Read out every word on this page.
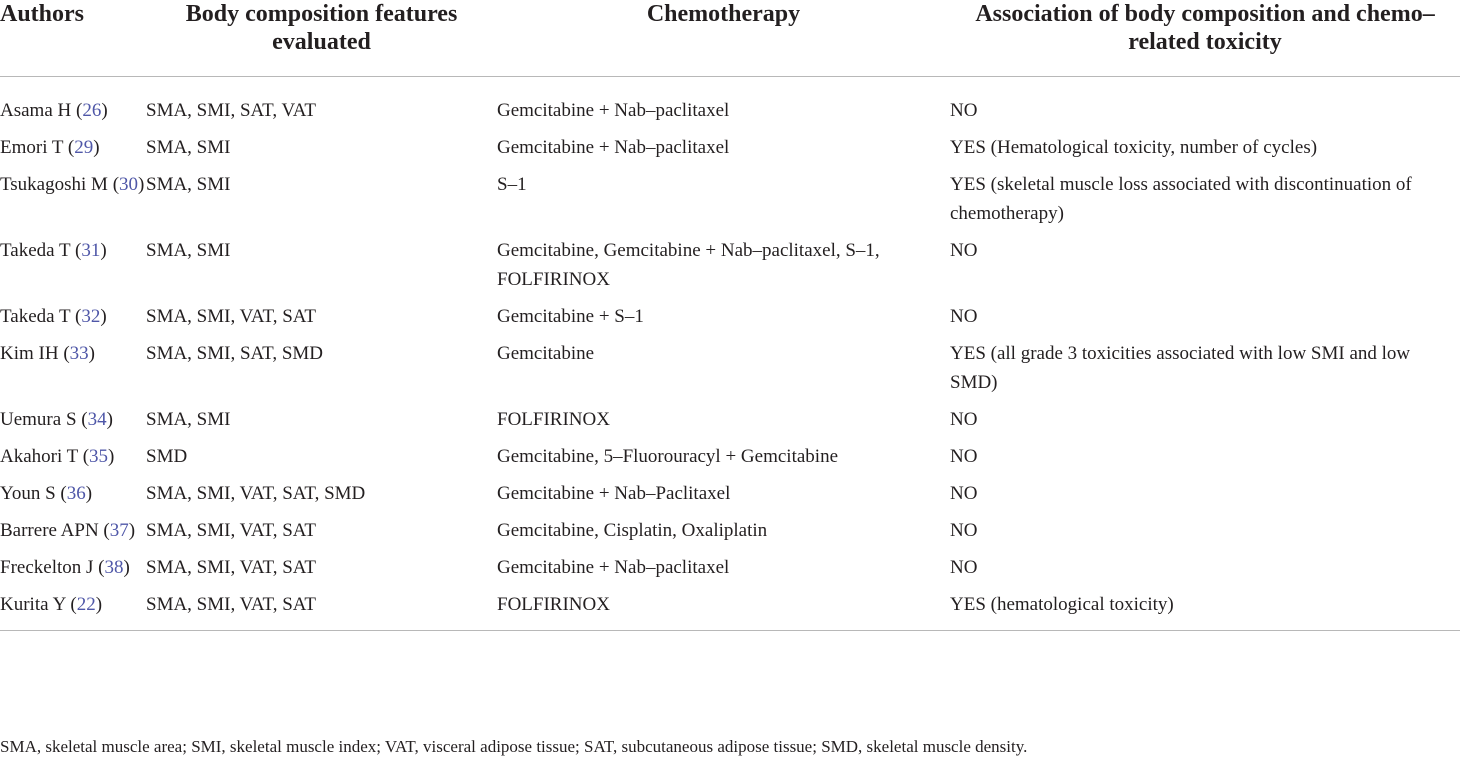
Authors	Body composition features evaluated	Chemotherapy	Association of body composition and chemo–related toxicity
Asama H (26)	SMA, SMI, SAT, VAT	Gemcitabine + Nab–paclitaxel	NO
Emori T (29)	SMA, SMI	Gemcitabine + Nab–paclitaxel	YES (Hematological toxicity, number of cycles)
Tsukagoshi M (30)	SMA, SMI	S–1	YES (skeletal muscle loss associated with discontinuation of chemotherapy)
Takeda T (31)	SMA, SMI	Gemcitabine, Gemcitabine + Nab–paclitaxel, S–1, FOLFIRINOX	NO
Takeda T (32)	SMA, SMI, VAT, SAT	Gemcitabine + S–1	NO
Kim IH (33)	SMA, SMI, SAT, SMD	Gemcitabine	YES (all grade 3 toxicities associated with low SMI and low SMD)
Uemura S (34)	SMA, SMI	FOLFIRINOX	NO
Akahori T (35)	SMD	Gemcitabine, 5–Fluorouracyl + Gemcitabine	NO
Youn S (36)	SMA, SMI, VAT, SAT, SMD	Gemcitabine + Nab–Paclitaxel	NO
Barrere APN (37)	SMA, SMI, VAT, SAT	Gemcitabine, Cisplatin, Oxaliplatin	NO
Freckelton J (38)	SMA, SMI, VAT, SAT	Gemcitabine + Nab–paclitaxel	NO
Kurita Y (22)	SMA, SMI, VAT, SAT	FOLFIRINOX	YES (hematological toxicity)
SMA, skeletal muscle area; SMI, skeletal muscle index; VAT, visceral adipose tissue; SAT, subcutaneous adipose tissue; SMD, skeletal muscle density.
